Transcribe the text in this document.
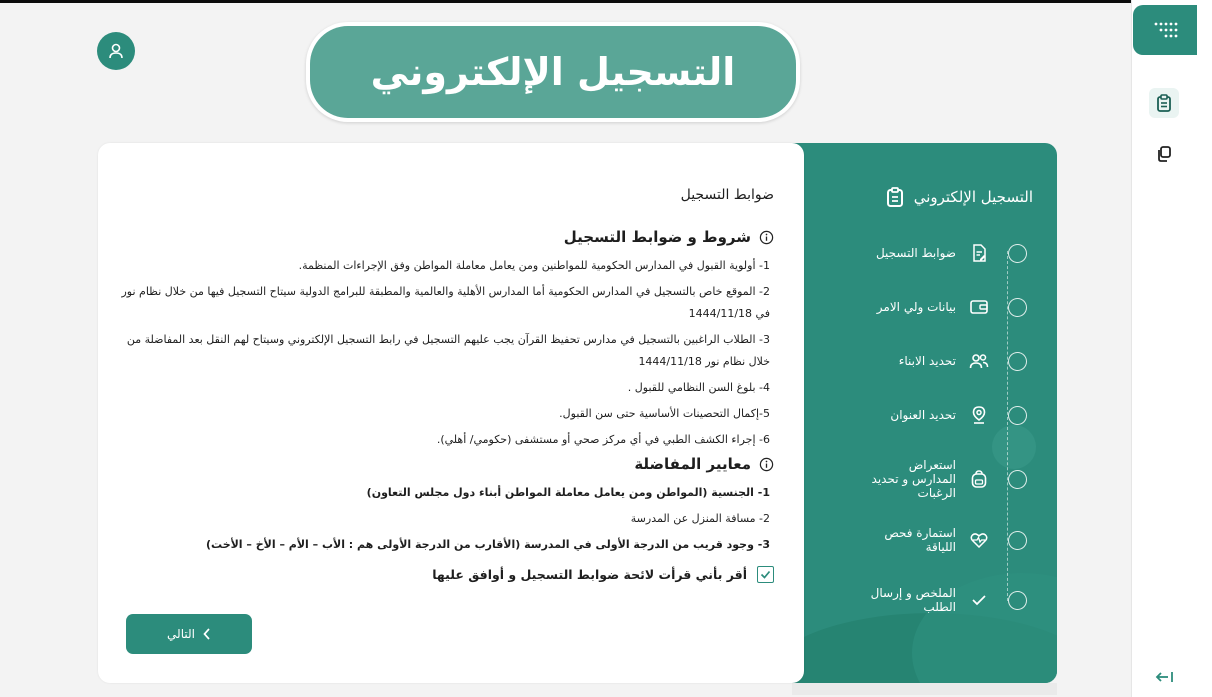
التسجيل الإلكتروني
التسجيل الإلكتروني
ضوابط التسجيل
بيانات ولي الامر
تحديد الابناء
تحديد العنوان
استعراض المدارس و تحديد الرغبات
استمارة فحص اللياقة
الملخص و إرسال الطلب
ضوابط التسجيل
شروط و ضوابط التسجيل
1- أولوية القبول في المدارس الحكومية للمواطنين ومن يعامل معاملة المواطن وفق الإجراءات المنظمة.
2- الموقع خاص بالتسجيل في المدارس الحكومية أما المدارس الأهلية والعالمية والمطبقة للبرامج الدولية سيتاح التسجيل فيها من خلال نظام نور في 1444/11/18
3- الطلاب الراغبين بالتسجيل في مدارس تحفيظ القرآن يجب عليهم التسجيل في رابط التسجيل الإلكتروني وسيتاح لهم النقل بعد المفاضلة من خلال نظام نور 1444/11/18
4- بلوغ السن النظامي للقبول .
5-إكمال التحصينات الأساسية حتى سن القبول.
6- إجراء الكشف الطبي في أي مركز صحي أو مستشفى (حكومي/ أهلي).
معايير المفاضلة
1- الجنسية (المواطن ومن يعامل معاملة المواطن أبناء دول مجلس التعاون)
2- مسافة المنزل عن المدرسة
3- وجود قريب من الدرجة الأولى في المدرسة (الأقارب من الدرجة الأولى هم : الأب – الأم – الأخ – الأخت)
أقر بأني قرأت لائحة ضوابط التسجيل و أوافق عليها
التالي
